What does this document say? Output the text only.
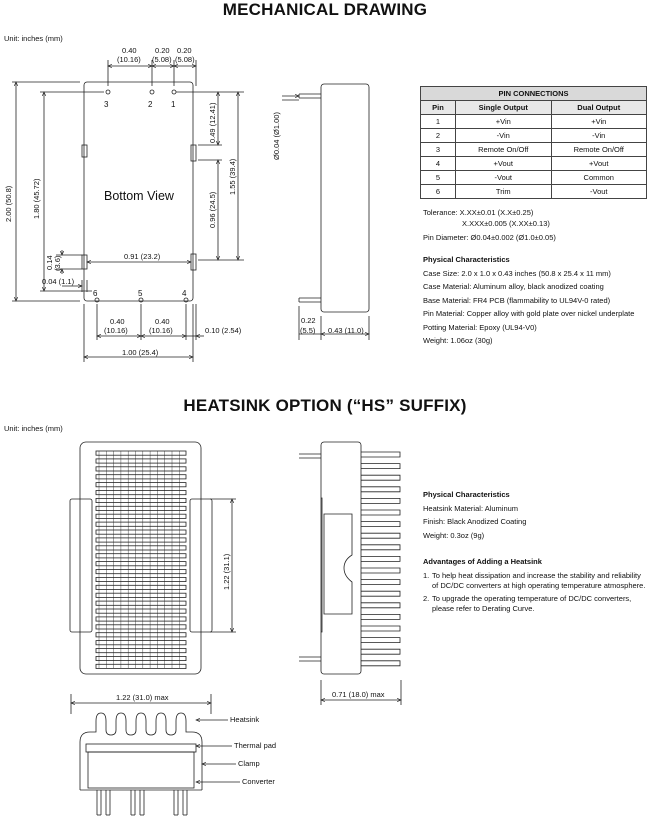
MECHANICAL DRAWING
Unit: inches (mm)
HEATSINK OPTION (“HS” SUFFIX)
Unit: inches (mm)
Bottom View
3	2 1
6	5	4
0.40
(10.16)
0.20
(5.08)
0.20
(5.08)
2.00 (50.8)	1.80 (45.72)
0.49 (12.41)
1.55 (39.4)
0.96 (24.5)
0.91 (23.2)
0.14 (3.6)
0.04 (1.1)
0.40
(10.16)
0.40
(10.16)	0.10 (2.54)
1.00 (25.4)
Ø0.04 (Ø1.00)
0.22
(5.5) 0.43 (11.0)
1.22 (31.1)
0.71 (18.0) max
1.22 (31.0) max
Heatsink
Thermal pad
Clamp
Converter
PIN CONNECTIONS		
Pin	Single Output	Dual Output
1	+Vin	+Vin
2	-Vin	-Vin
3	Remote On/Off	Remote On/Off
4	+Vout	+Vout
5	-Vout	Common
6	Trim	-Vout

Tolerance: X.XX±0.01 (X.X±0.25)

X.XXX±0.005 (X.XX±0.13)

Pin Diameter: Ø0.04±0.002 (Ø1.0±0.05)

Physical Characteristics

Case Size: 2.0 x 1.0 x 0.43 inches (50.8 x 25.4 x 11 mm)

Case Material: Aluminum alloy, black anodized coating

Base Material: FR4 PCB (flammability to UL94V-0 rated)

Pin Material: Copper alloy with gold plate over nickel underplate

Potting Material: Epoxy (UL94-V0)

Weight: 1.06oz (30g)

Physical Characteristics

Heatsink Material: Aluminum

Finish: Black Anodized Coating

Weight: 0.3oz (9g)

Advantages of Adding a Heatsink

1. To help heat dissipation and increase the stability and reliability of DC/DC converters at high operating temperature atmosphere.
2. To upgrade the operating temperature of DC/DC converters, please refer to Derating Curve.
